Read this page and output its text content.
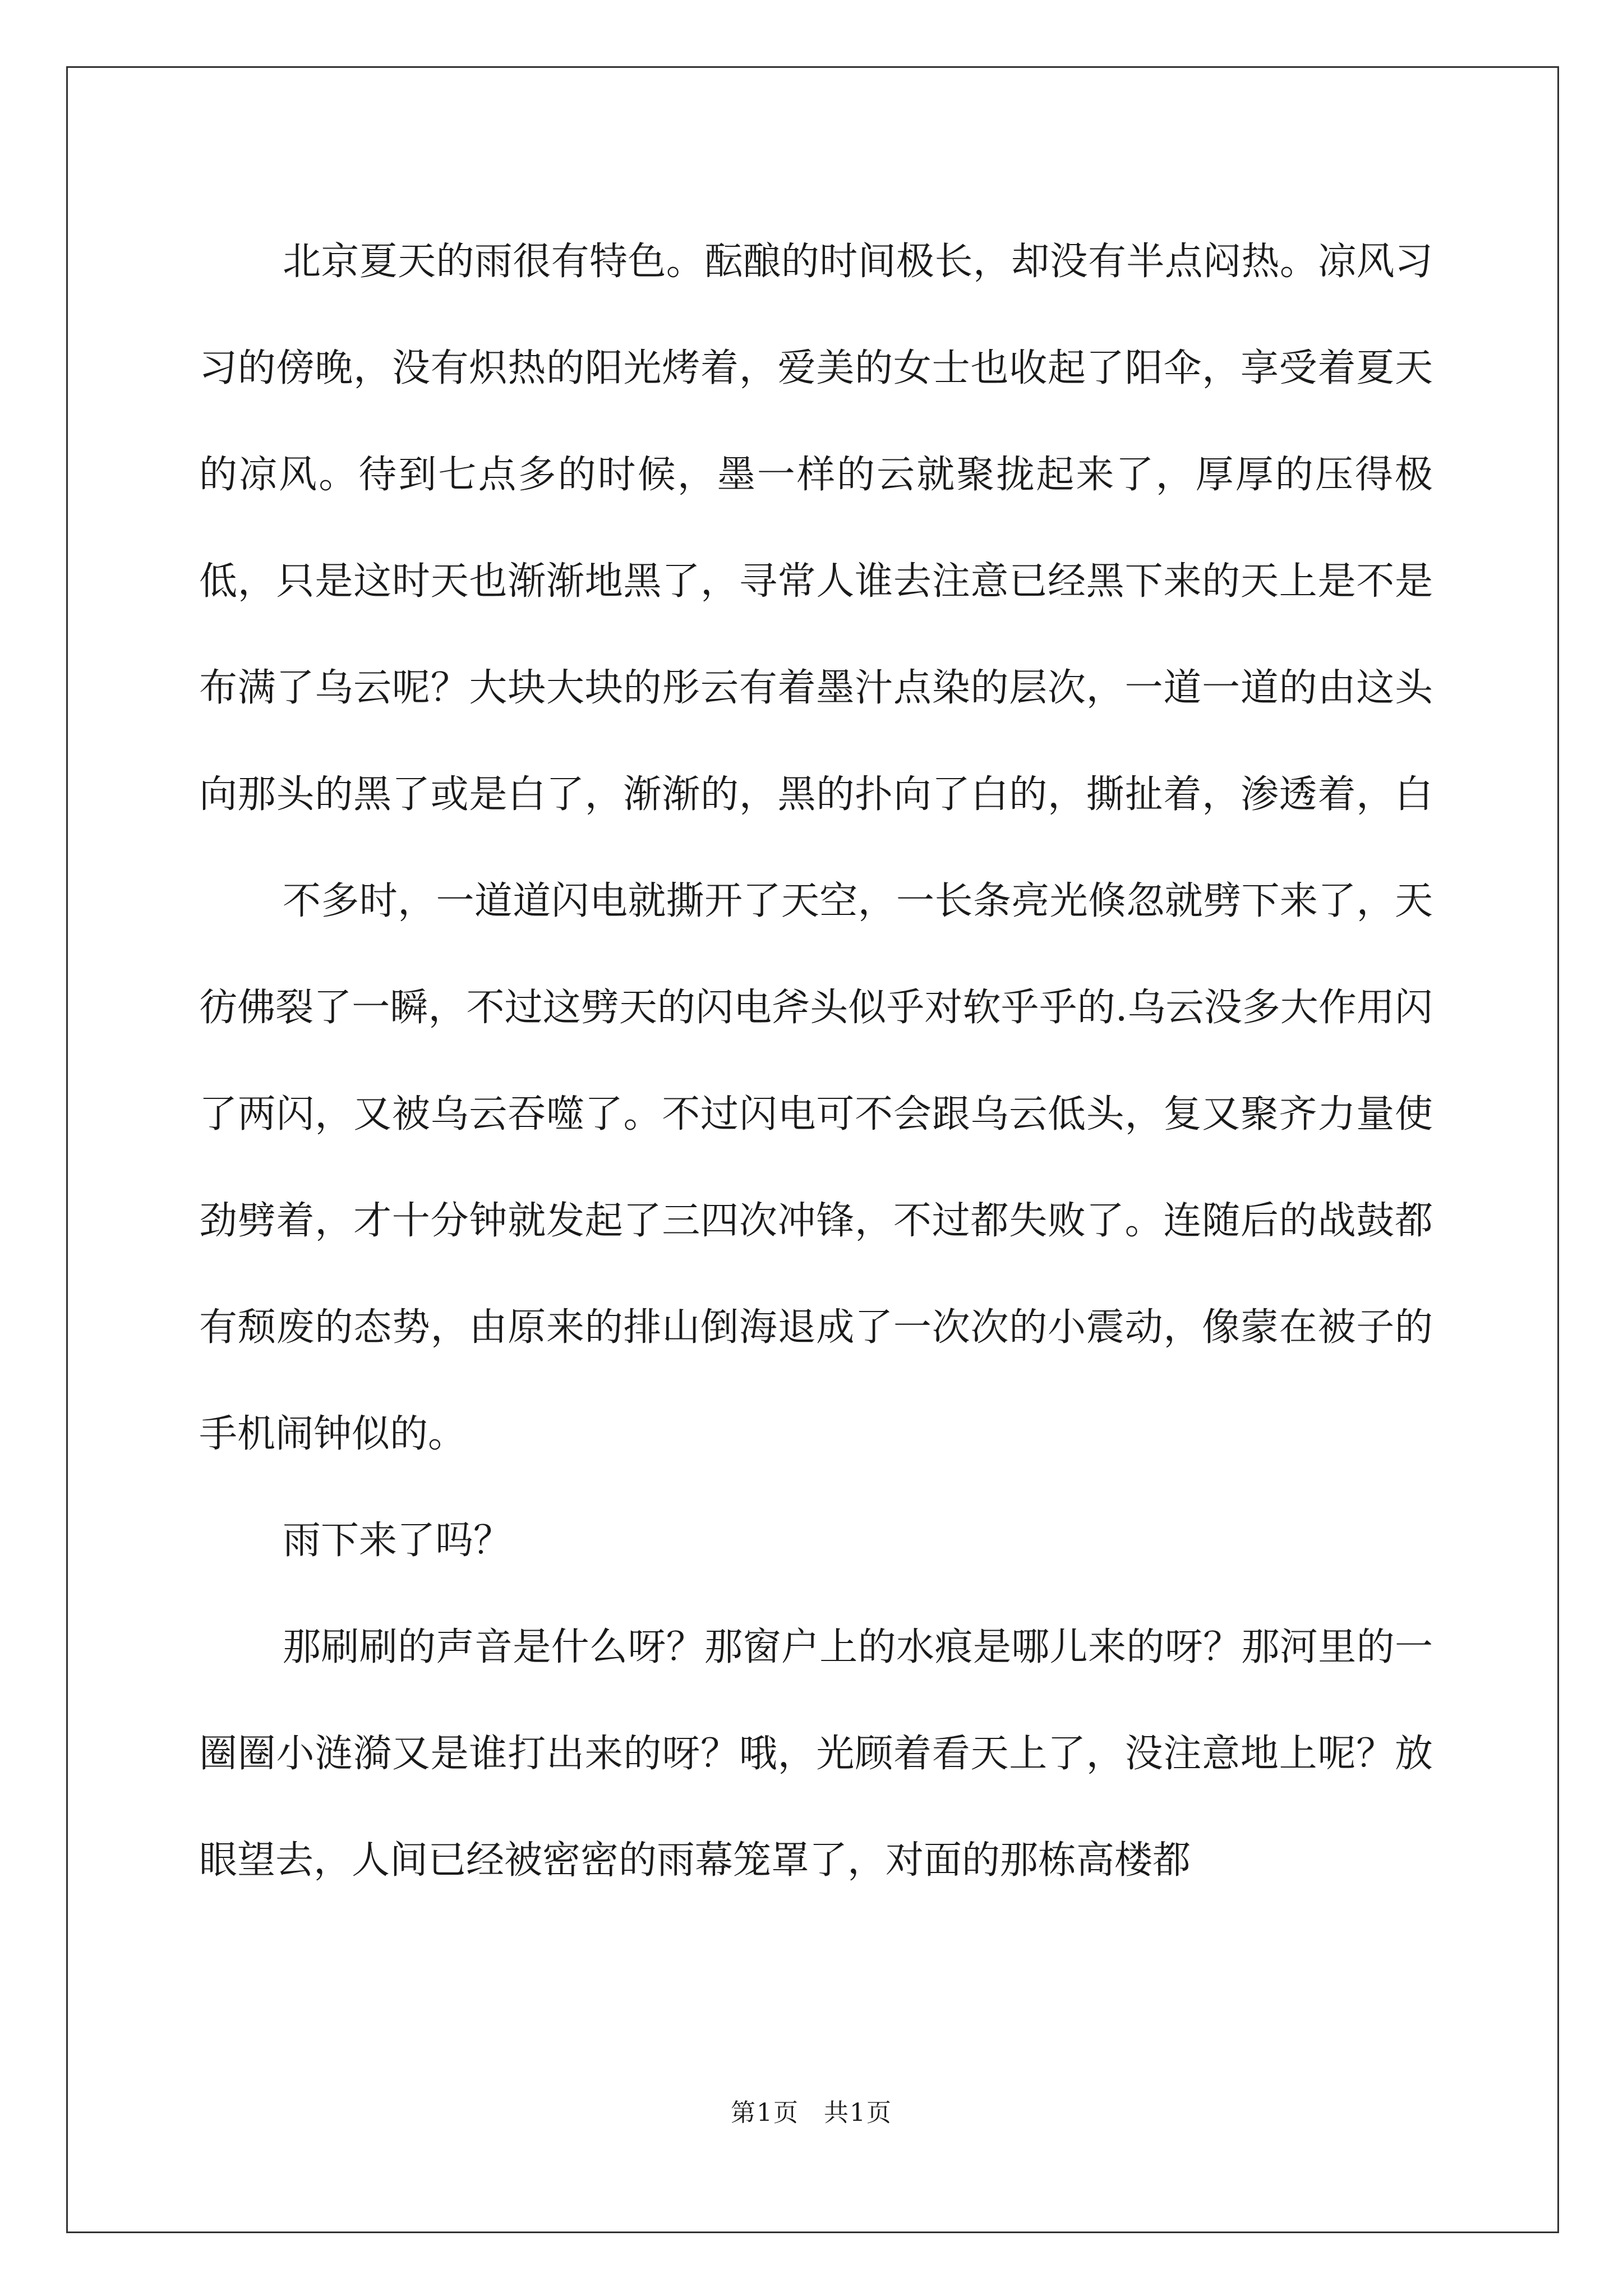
北京夏天的雨很有特色。酝酿的时间极长，却没有半点闷热。凉风习习的傍晚，没有炽热的阳光烤着，爱美的女士也收起了阳伞，享受着夏天的凉风。待到七点多的时候，墨一样的云就聚拢起来了，厚厚的压得极低，只是这时天也渐渐地黑了，寻常人谁去注意已经黑下来的天上是不是布满了乌云呢？大块大块的彤云有着墨汁点染的层次，一道一道的由这头向那头的黑了或是白了，渐渐的，黑的扑向了白的，撕扯着，渗透着，白

不多时，一道道闪电就撕开了天空，一长条亮光倏忽就劈下来了，天彷佛裂了一瞬，不过这劈天的闪电斧头似乎对软乎乎的.乌云没多大作用闪了两闪，又被乌云吞噬了。不过闪电可不会跟乌云低头，复又聚齐力量使劲劈着，才十分钟就发起了三四次冲锋，不过都失败了。连随后的战鼓都有颓废的态势，由原来的排山倒海退成了一次次的小震动，像蒙在被子的手机闹钟似的。

雨下来了吗？

那刷刷的声音是什么呀？那窗户上的水痕是哪儿来的呀？那河里的一圈圈小涟漪又是谁打出来的呀？哦，光顾着看天上了，没注意地上呢？放眼望去，人间已经被密密的雨幕笼罩了，对面的那栋高楼都

第1页 共1页
